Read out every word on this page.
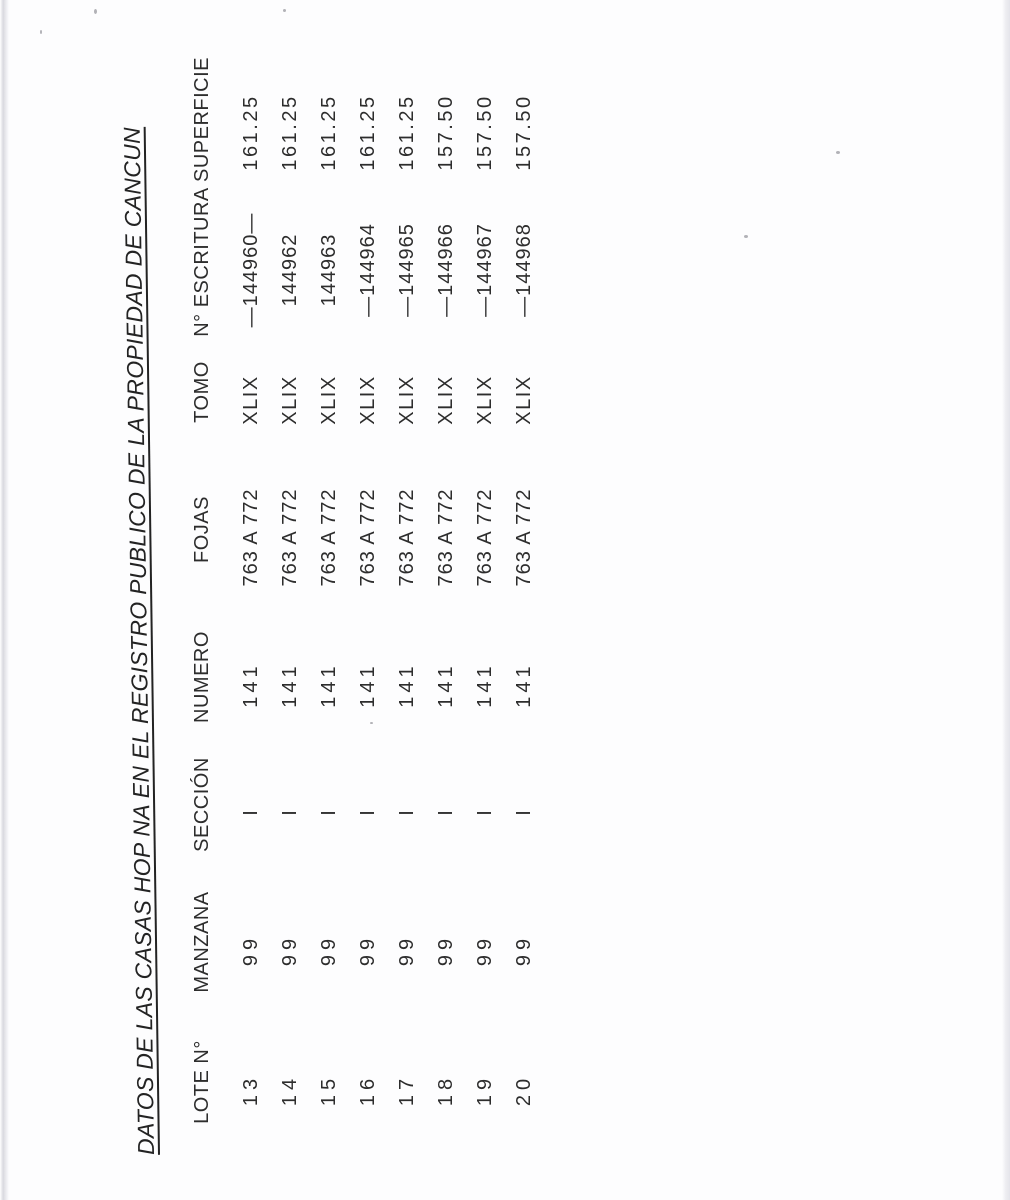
DATOS DE LAS CASAS HOP NA EN EL REGISTRO PUBLICO DE LA PROPIEDAD DE CANCUN LOTE N°
MANZANA
SECCIÓN
NUMERO
FOJAS
TOMO
N° ESCRITURA
SUPERFICIE
13
99
I
141
763 A 772
XLIX
—144960—
161.25
14
99
I
141
763 A 772
XLIX
144962
161.25
15
99
I
141
763 A 772
XLIX
144963
161.25
16
99
I
141
763 A 772
XLIX
—144964
161.25
17
99
I
141
763 A 772
XLIX
—144965
161.25
18
99
I
141
763 A 772
XLIX
—144966
157.50
19
99
I
141
763 A 772
XLIX
—144967
157.50
20
99
I
141
763 A 772
XLIX
—144968
157.50
